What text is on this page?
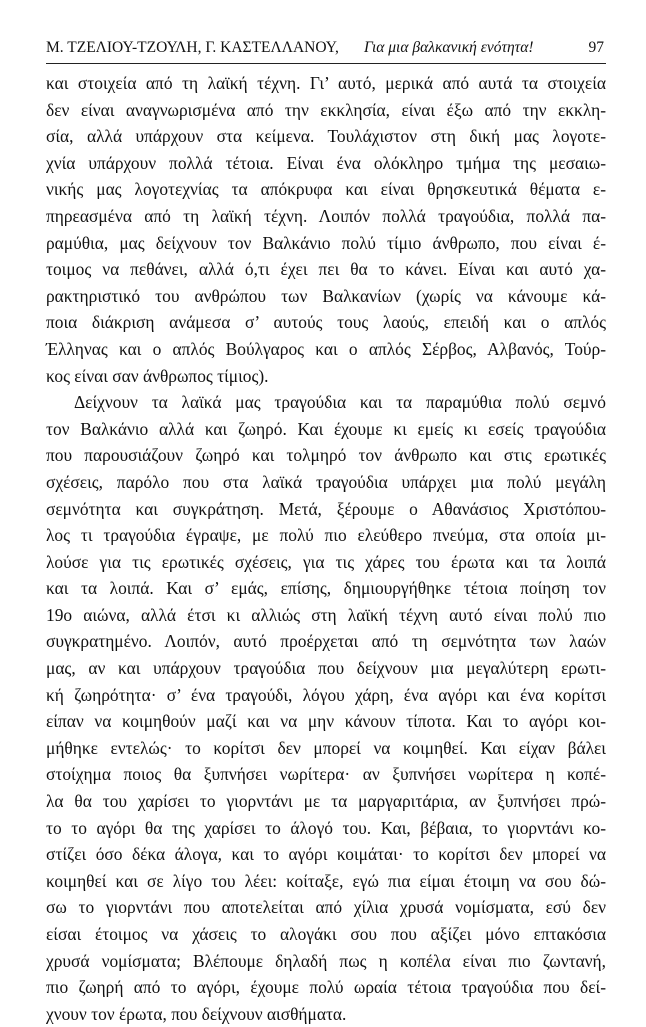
Μ. ΤΖΕΛΙΟΥ-ΤΖΟΥΛΗ, Γ. ΚΑΣΤΕΛΛΑΝΟΥ, Για μια βαλκανική ενότητα!	97
και στοιχεία από τη λαϊκή τέχνη. Γι’ αυτό, μερικά από αυτά τα στοιχεία
δεν είναι αναγνωρισμένα από την εκκλησία, είναι έξω από την εκκλη-
σία, αλλά υπάρχουν στα κείμενα. Τουλάχιστον στη δική μας λογοτε-
χνία υπάρχουν πολλά τέτοια. Είναι ένα ολόκληρο τμήμα της μεσαιω-
νικής μας λογοτεχνίας τα απόκρυφα και είναι θρησκευτικά θέματα ε-
πηρεασμένα από τη λαϊκή τέχνη. Λοιπόν πολλά τραγούδια, πολλά πα-
ραμύθια, μας δείχνουν τον Βαλκάνιο πολύ τίμιο άνθρωπο, που είναι έ-
τοιμος να πεθάνει, αλλά ό,τι έχει πει θα το κάνει. Είναι και αυτό χα-
ρακτηριστικό του ανθρώπου των Βαλκανίων (χωρίς να κάνουμε κά-
ποια διάκριση ανάμεσα σ’ αυτούς τους λαούς, επειδή και ο απλός
Έλληνας και ο απλός Βούλγαρος και ο απλός Σέρβος, Αλβανός, Τούρ-
κος είναι σαν άνθρωπος τίμιος).
Δείχνουν τα λαϊκά μας τραγούδια και τα παραμύθια πολύ σεμνό
τον Βαλκάνιο αλλά και ζωηρό. Και έχουμε κι εμείς κι εσείς τραγούδια
που παρουσιάζουν ζωηρό και τολμηρό τον άνθρωπο και στις ερωτικές
σχέσεις, παρόλο που στα λαϊκά τραγούδια υπάρχει μια πολύ μεγάλη
σεμνότητα και συγκράτηση. Μετά, ξέρουμε ο Αθανάσιος Χριστόπου-
λος τι τραγούδια έγραψε, με πολύ πιο ελεύθερο πνεύμα, στα οποία μι-
λούσε για τις ερωτικές σχέσεις, για τις χάρες του έρωτα και τα λοιπά
και τα λοιπά. Και σ’ εμάς, επίσης, δημιουργήθηκε τέτοια ποίηση τον
19ο αιώνα, αλλά έτσι κι αλλιώς στη λαϊκή τέχνη αυτό είναι πολύ πιο
συγκρατημένο. Λοιπόν, αυτό προέρχεται από τη σεμνότητα των λαών
μας, αν και υπάρχουν τραγούδια που δείχνουν μια μεγαλύτερη ερωτι-
κή ζωηρότητα· σ’ ένα τραγούδι, λόγου χάρη, ένα αγόρι και ένα κορίτσι
είπαν να κοιμηθούν μαζί και να μην κάνουν τίποτα. Και το αγόρι κοι-
μήθηκε εντελώς· το κορίτσι δεν μπορεί να κοιμηθεί. Και είχαν βάλει
στοίχημα ποιος θα ξυπνήσει νωρίτερα· αν ξυπνήσει νωρίτερα η κοπέ-
λα θα του χαρίσει το γιορντάνι με τα μαργαριτάρια, αν ξυπνήσει πρώ-
το το αγόρι θα της χαρίσει το άλογό του. Και, βέβαια, το γιορντάνι κο-
στίζει όσο δέκα άλογα, και το αγόρι κοιμάται· το κορίτσι δεν μπορεί να
κοιμηθεί και σε λίγο του λέει: κοίταξε, εγώ πια είμαι έτοιμη να σου δώ-
σω το γιορντάνι που αποτελείται από χίλια χρυσά νομίσματα, εσύ δεν
είσαι έτοιμος να χάσεις το αλογάκι σου που αξίζει μόνο επτακόσια
χρυσά νομίσματα; Βλέπουμε δηλαδή πως η κοπέλα είναι πιο ζωντανή,
πιο ζωηρή από το αγόρι, έχουμε πολύ ωραία τέτοια τραγούδια που δεί-
χνουν τον έρωτα, που δείχνουν αισθήματα.
